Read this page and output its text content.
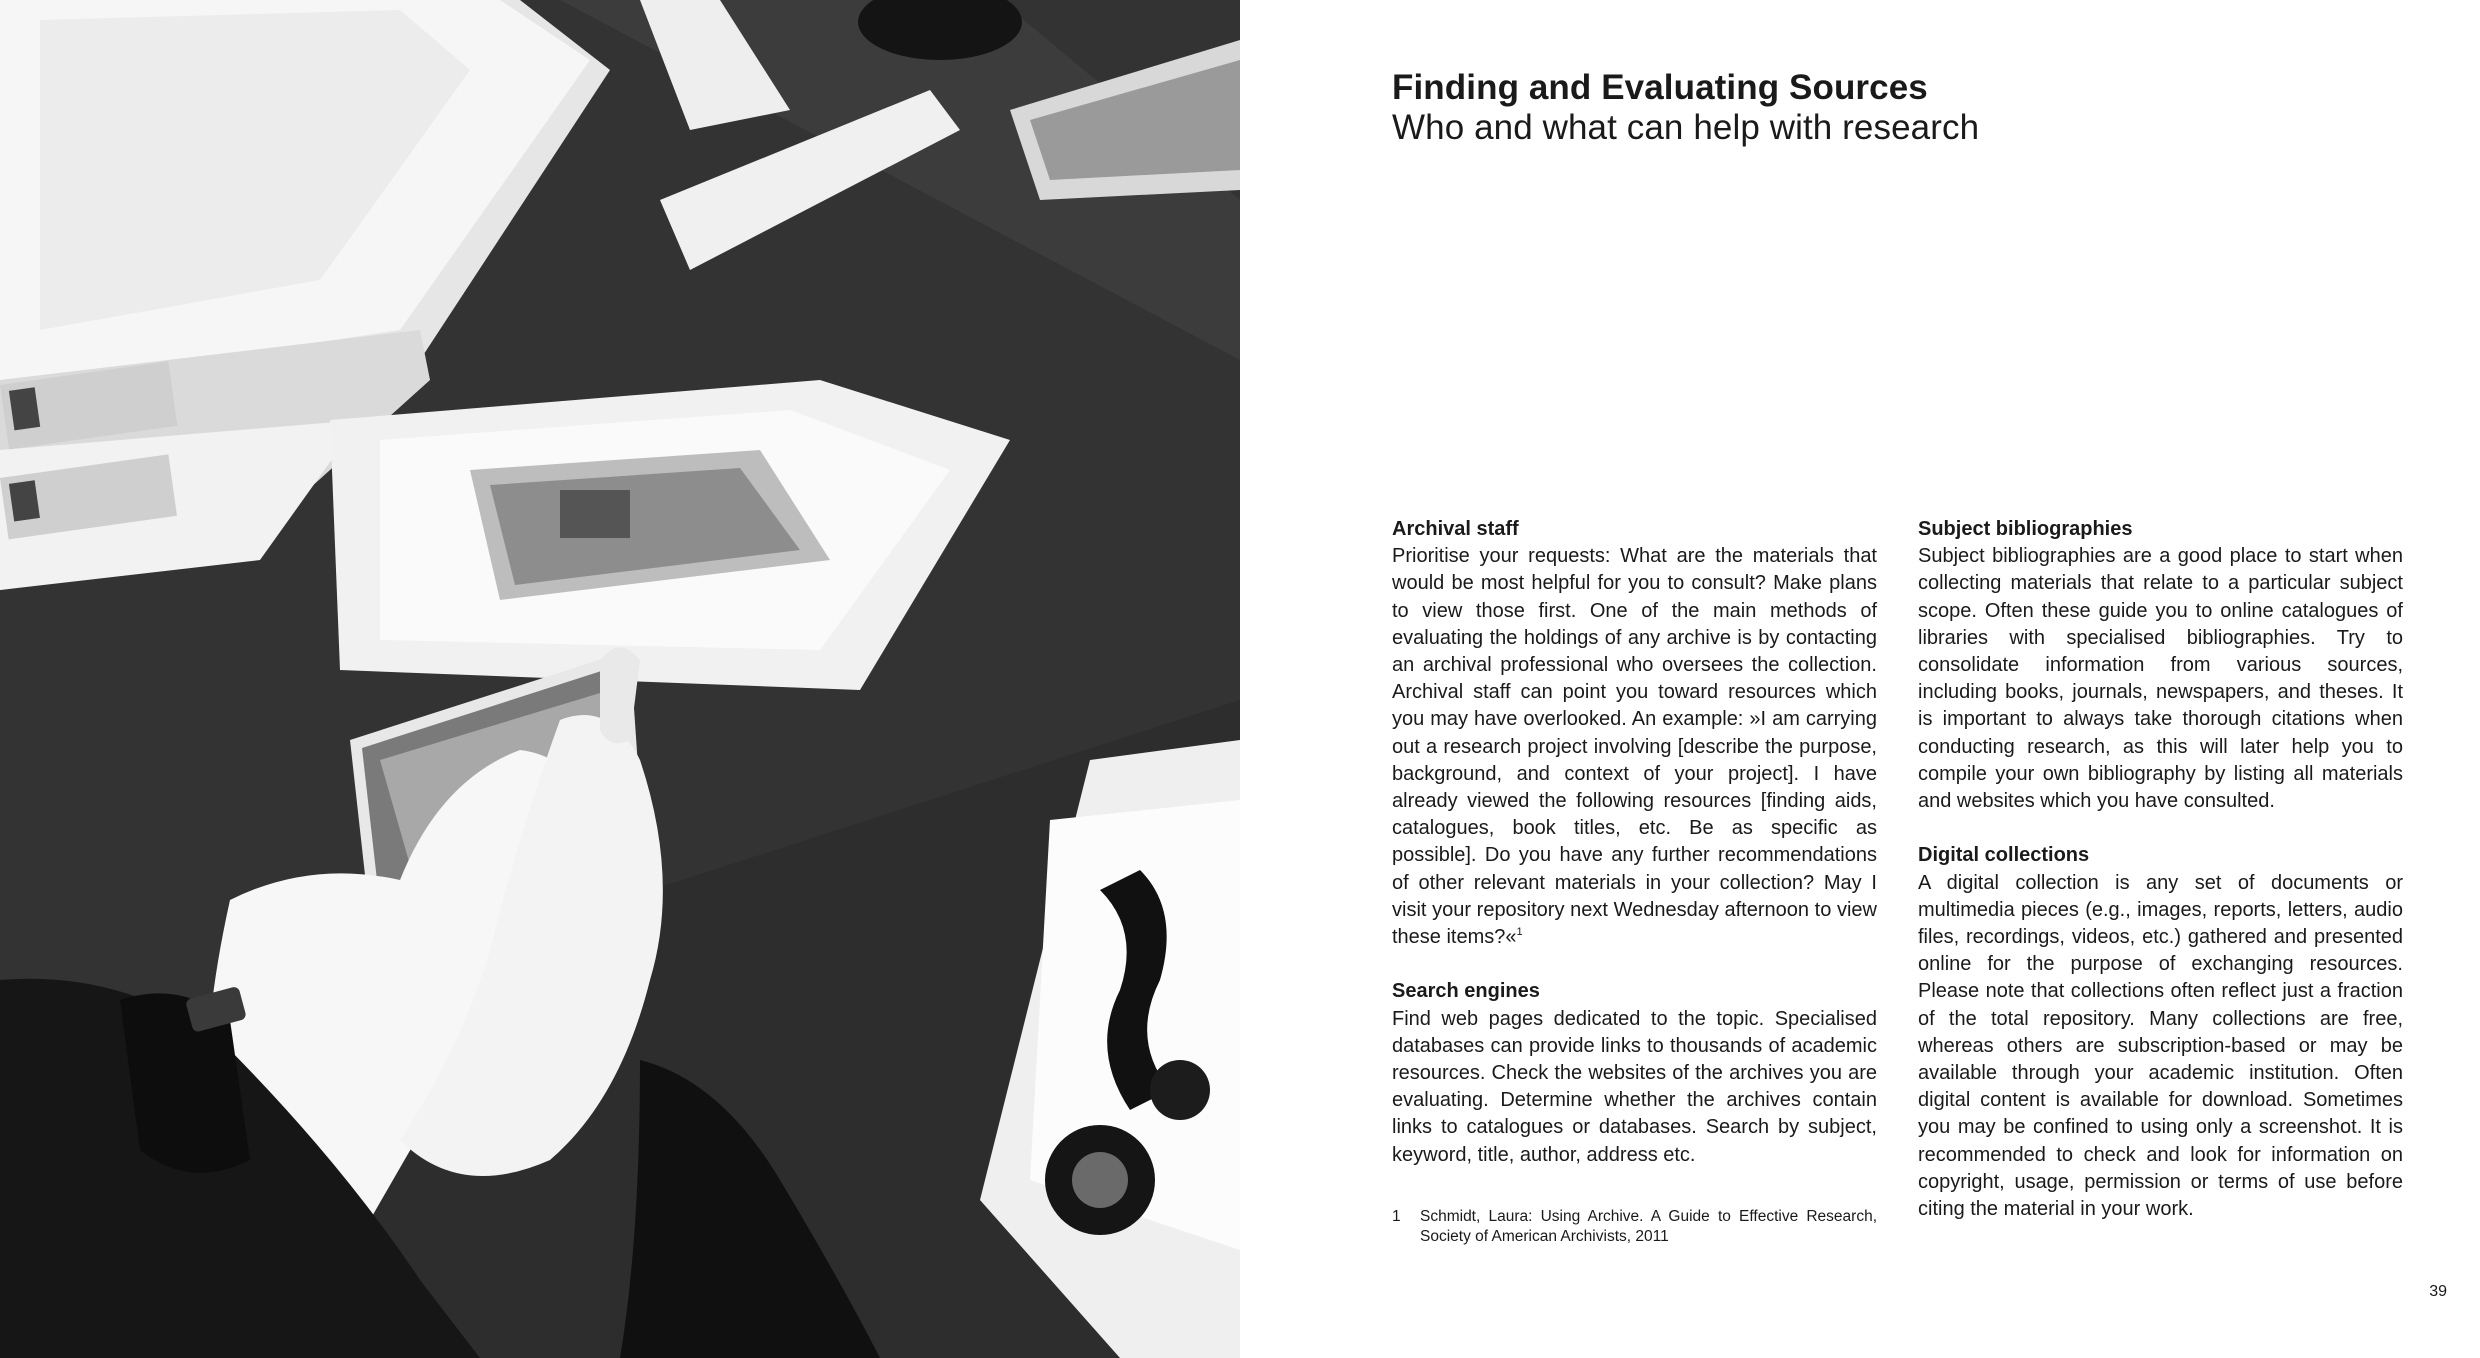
Finding and Evaluating Sources
Who and what can help with research
Archival staff

Prioritise your requests: What are the materials that would be most helpful for you to consult? Make plans to view those first. One of the main methods of evaluating the holdings of any archive is by contacting an archival professional who oversees the collection. Archival staff can point you toward resources which you may have overlooked. An example: »I am carrying out a research project involving [describe the purpose, background, and context of your project]. I have already viewed the following resources [finding aids, catalogues, book titles, etc. Be as specific as possible]. Do you have any further recommendations of other relevant materials in your collection? May I visit your repository next Wednesday afternoon to view these items?«$^1$

Search engines

Find web pages dedicated to the topic. Specialised databases can provide links to thousands of academic resources. Check the websites of the archives you are evaluating. Determine whether the archives contain links to catalogues or databases. Search by subject, keyword, title, author, address etc.

Subject bibliographies

Subject bibliographies are a good place to start when collecting materials that relate to a particular subject scope. Often these guide you to online catalogues of libraries with specialised bibliographies. Try to consolidate information from various sources, including books, journals, newspapers, and theses. It is important to always take thorough citations when conducting research, as this will later help you to compile your own bibliography by listing all materials and websites which you have consulted.

Digital collections

A digital collection is any set of documents or multimedia pieces (e.g., images, reports, letters, audio files, recordings, videos, etc.) gathered and presented online for the purpose of exchanging resources. Please note that collections often reflect just a fraction of the total repository. Many collections are free, whereas others are subscription-based or may be available through your academic institution. Often digital content is available for download. Sometimes you may be confined to using only a screenshot. It is recommended to check and look for information on copyright, usage, permission or terms of use before citing the material in your work.

1	Schmidt, Laura: Using Archive. A Guide to Effective Research, Society of American Archivists, 2011
39
